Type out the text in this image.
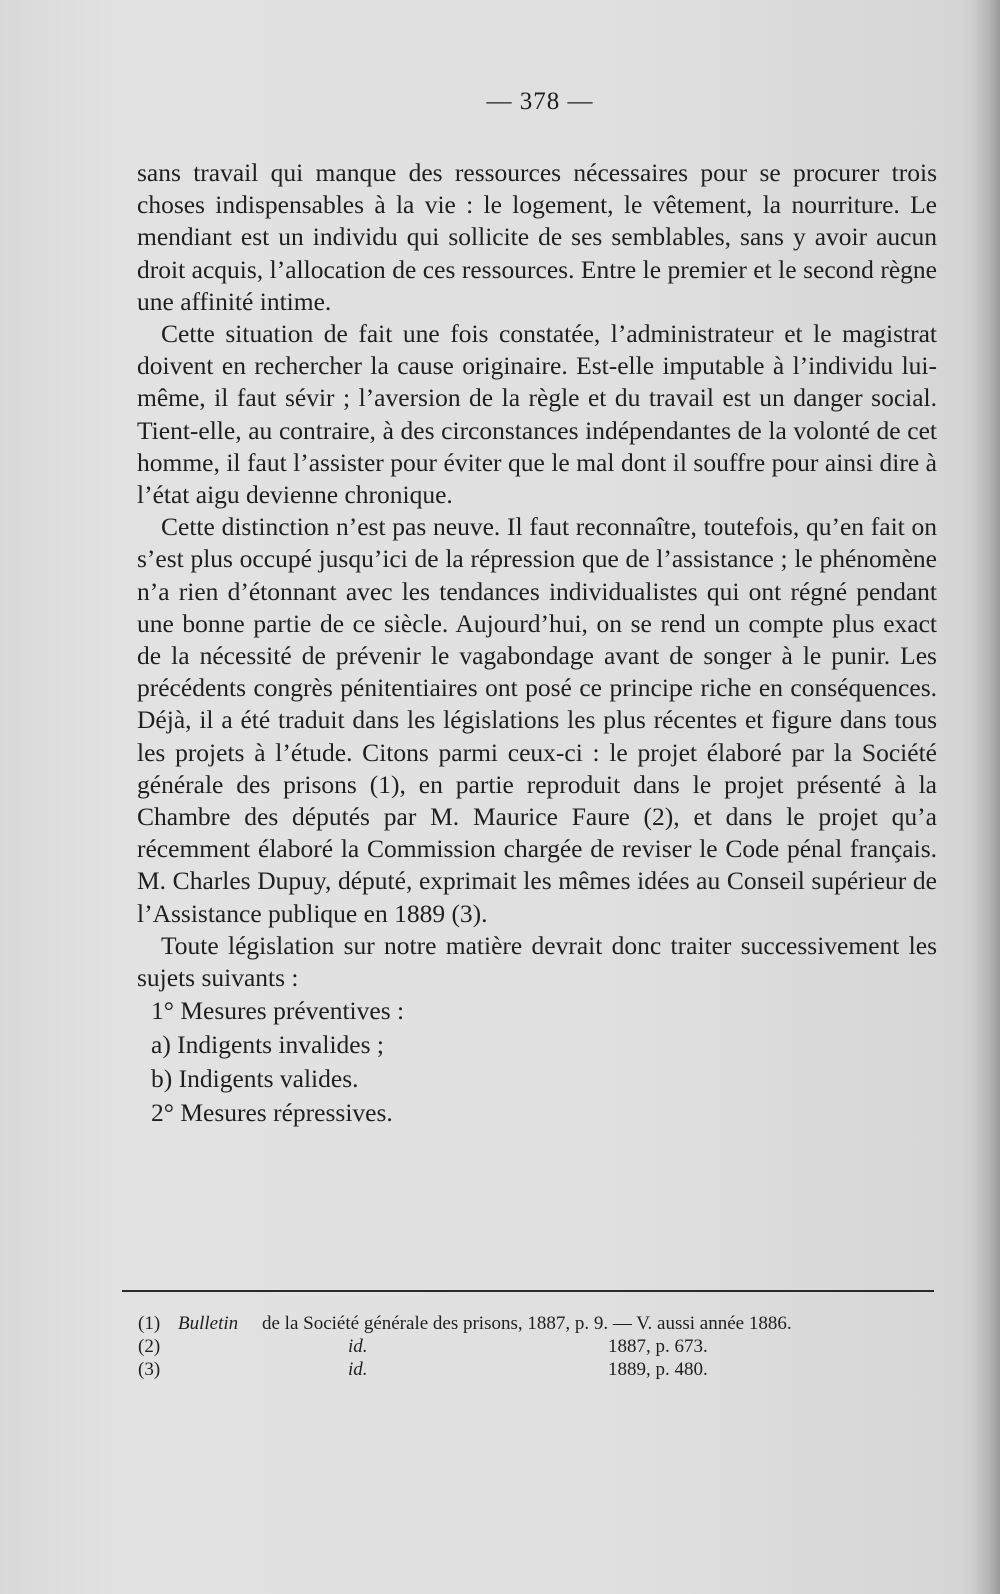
— 378 —

sans travail qui manque des ressources nécessaires pour se procurer trois choses indispensables à la vie : le logement, le vêtement, la nourriture. Le mendiant est un individu qui sollicite de ses semblables, sans y avoir aucun droit acquis, l’allocation de ces ressources. Entre le premier et le second règne une affinité intime.

Cette situation de fait une fois constatée, l’administrateur et le magistrat doivent en rechercher la cause originaire. Est-elle imputable à l’individu lui-même, il faut sévir ; l’aversion de la règle et du travail est un danger social. Tient-elle, au contraire, à des circonstances indépendantes de la volonté de cet homme, il faut l’assister pour éviter que le mal dont il souffre pour ainsi dire à l’état aigu devienne chronique.

Cette distinction n’est pas neuve. Il faut reconnaître, toutefois, qu’en fait on s’est plus occupé jusqu’ici de la répression que de l’assistance ; le phénomène n’a rien d’étonnant avec les tendances individualistes qui ont régné pendant une bonne partie de ce siècle. Aujourd’hui, on se rend un compte plus exact de la nécessité de prévenir le vagabondage avant de songer à le punir. Les précédents congrès pénitentiaires ont posé ce principe riche en conséquences. Déjà, il a été traduit dans les législations les plus récentes et figure dans tous les projets à l’étude. Citons parmi ceux-ci : le projet élaboré par la Société générale des prisons (1), en partie reproduit dans le projet présenté à la Chambre des députés par M. Maurice Faure (2), et dans le projet qu’a récemment élaboré la Commission chargée de reviser le Code pénal français. M. Charles Dupuy, député, exprimait les mêmes idées au Conseil supérieur de l’Assistance publique en 1889 (3).

Toute législation sur notre matière devrait donc traiter successivement les sujets suivants :

1° Mesures préventives :
a) Indigents invalides ;
b) Indigents valides.
2° Mesures répressives.
(1) Bulletin de la Société générale des prisons, 1887, p. 9. — V. aussi année 1886.
(2)	id.	1887, p. 673.
(3)	id.	1889, p. 480.
